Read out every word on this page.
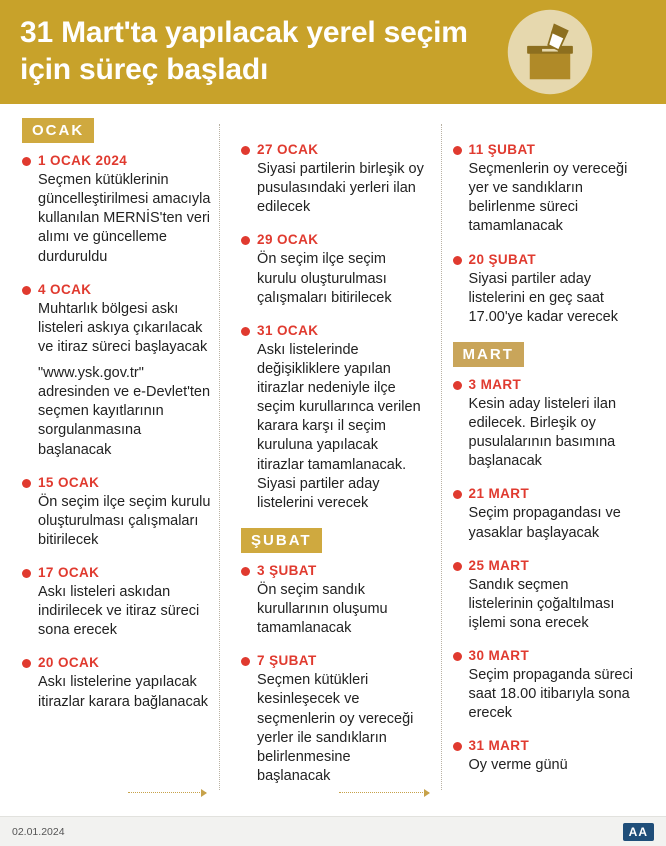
31 Mart'ta yapılacak yerel seçim için süreç başladı
OCAK
1 OCAK 2024
Seçmen kütüklerinin güncelleştirilmesi amacıyla kullanılan MERNİS'ten veri alımı ve güncelleme durduruldu
4 OCAK
Muhtarlık bölgesi askı listeleri askıya çıkarılacak ve itiraz süreci başlayacak
"www.ysk.gov.tr" adresinden ve e-Devlet'ten seçmen kayıtlarının sorgulanmasına başlanacak
15 OCAK
Ön seçim ilçe seçim kurulu oluşturulması çalışmaları bitirilecek
17 OCAK
Askı listeleri askıdan indirilecek ve itiraz süreci sona erecek
20 OCAK
Askı listelerine yapılacak itirazlar karara bağlanacak
27 OCAK
Siyasi partilerin birleşik oy pusulasındaki yerleri ilan edilecek
29 OCAK
Ön seçim ilçe seçim kurulu oluşturulması çalışmaları bitirilecek
31 OCAK
Askı listelerinde değişikliklere yapılan itirazlar nedeniyle ilçe seçim kurullarınca verilen karara karşı il seçim kuruluna yapılacak itirazlar tamamlanacak. Siyasi partiler aday listelerini verecek
ŞUBAT
3 ŞUBAT
Ön seçim sandık kurullarının oluşumu tamamlanacak
7 ŞUBAT
Seçmen kütükleri kesinleşecek ve seçmenlerin oy vereceği yerler ile sandıkların belirlenmesine başlanacak
11 ŞUBAT
Seçmenlerin oy vereceği yer ve sandıkların belirlenme süreci tamamlanacak
20 ŞUBAT
Siyasi partiler aday listelerini en geç saat 17.00'ye kadar verecek
MART
3 MART
Kesin aday listeleri ilan edilecek. Birleşik oy pusulalarının basımına başlanacak
21 MART
Seçim propagandası ve yasaklar başlayacak
25 MART
Sandık seçmen listelerinin çoğaltılması işlemi sona erecek
30 MART
Seçim propaganda süreci saat 18.00 itibarıyla sona erecek
31 MART
Oy verme günü
02.01.2024	AA
